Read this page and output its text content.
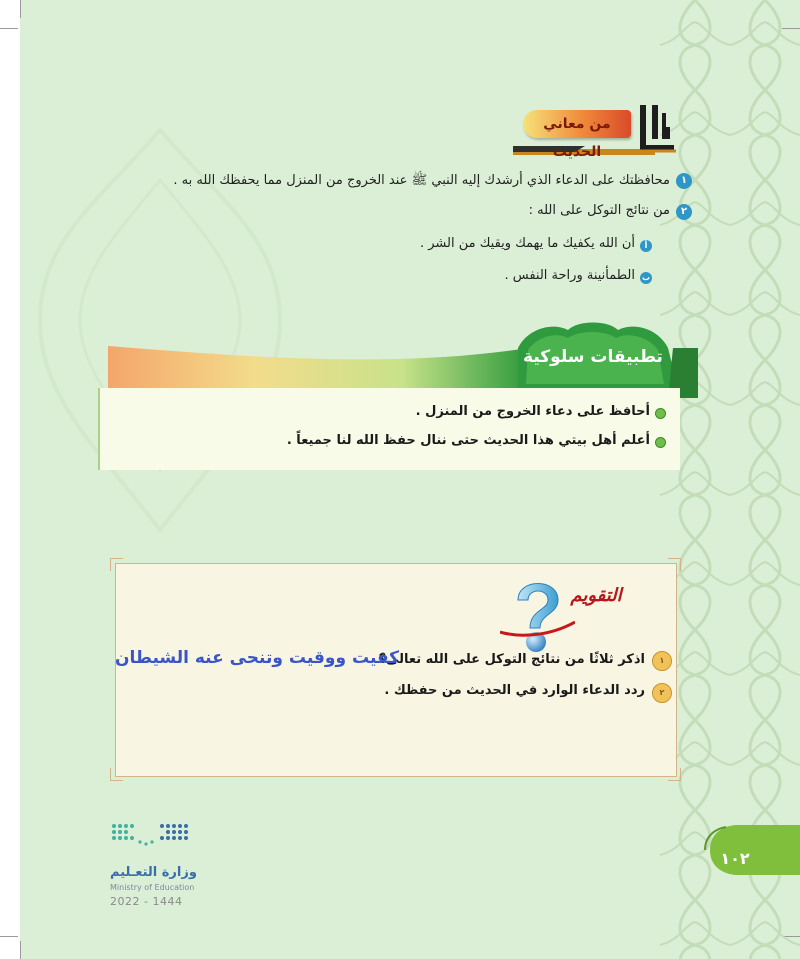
من معاني الحديث
١
محافظتك على الدعاء الذي أرشدك إليه النبي ﷺ عند الخروج من المنزل مما يحفظك الله به .
٢
من نتائج التوكل على الله :
أ
أن الله يكفيك ما يهمك ويقيك من الشر .
ب
الطمأنينة وراحة النفس .
تطبيقات سلوكية
أحافظ على دعاء الخروج من المنزل .
أعلم أهل بيتي هذا الحديث حتى ننال حفظ الله لنا جميعاً .
التقويم
١
اذكر ثلاثًا من نتائج التوكل على الله تعالى؟
٢
ردد الدعاء الوارد في الحديث من حفظك .
كفيت ووقيت وتنحى عنه الشيطان
وزارة التعـليم
Ministry of Education
2022 - 1444
١٠٢
